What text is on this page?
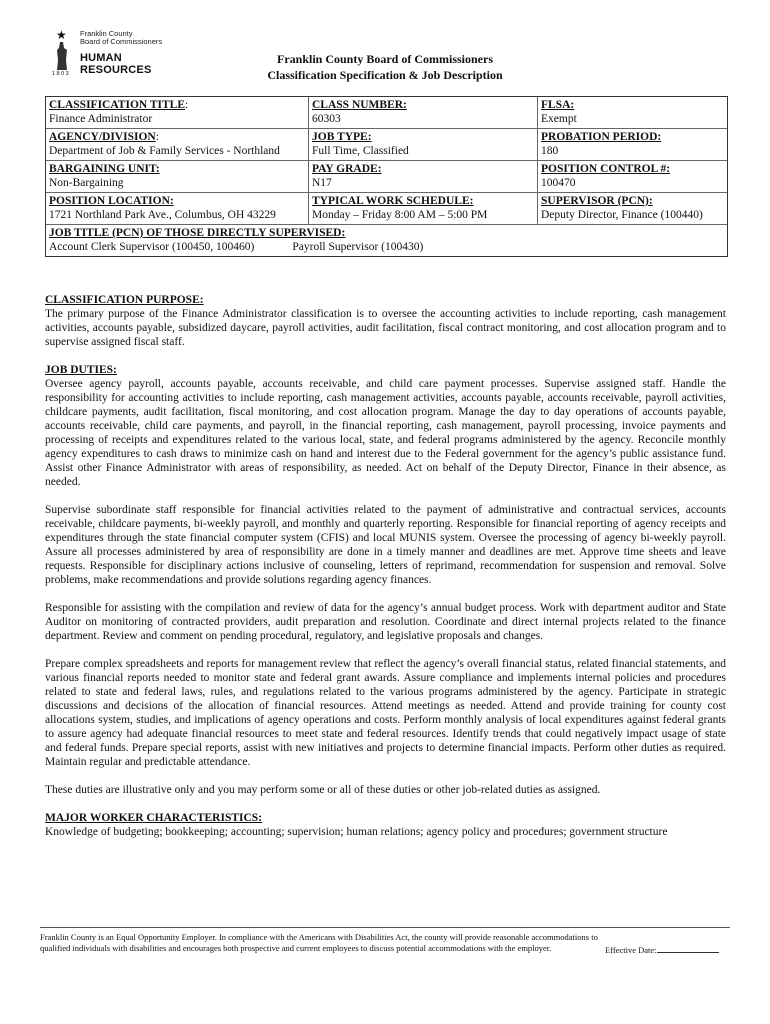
★ Franklin County
Board of Commissioners
HUMAN RESOURCES
1803
Franklin County Board of Commissioners
Classification Specification & Job Description
CLASSIFICATION TITLE:
Finance Administrator
CLASS NUMBER:
60303
FLSA:
Exempt
AGENCY/DIVISION:
Department of Job & Family Services - Northland
JOB TYPE:
Full Time, Classified
PROBATION PERIOD:
180
BARGAINING UNIT:
Non-Bargaining
PAY GRADE:
N17
POSITION CONTROL #:
100470
POSITION LOCATION:
1721 Northland Park Ave., Columbus, OH 43229
TYPICAL WORK SCHEDULE:
Monday – Friday 8:00 AM – 5:00 PM
SUPERVISOR (PCN):
Deputy Director, Finance (100440)
JOB TITLE (PCN) OF THOSE DIRECTLY SUPERVISED:
Account Clerk Supervisor (100450, 100460)	Payroll Supervisor (100430)
CLASSIFICATION PURPOSE:

The primary purpose of the Finance Administrator classification is to oversee the accounting activities to include reporting, cash management activities, accounts payable, subsidized daycare, payroll activities, audit facilitation, fiscal contract monitoring, and cost allocation program and to supervise assigned fiscal staff.

JOB DUTIES:

Oversee agency payroll, accounts payable, accounts receivable, and child care payment processes. Supervise assigned staff. Handle the responsibility for accounting activities to include reporting, cash management activities, accounts payable, accounts receivable, payroll activities, childcare payments, audit facilitation, fiscal monitoring, and cost allocation program. Manage the day to day operations of accounts payable, accounts receivable, child care payments, and payroll, in the financial reporting, cash management, payroll processing, invoice payments and processing of receipts and expenditures related to the various local, state, and federal programs administered by the agency. Reconcile monthly agency expenditures to cash draws to minimize cash on hand and interest due to the Federal government for the agency’s public assistance fund. Assist other Finance Administrator with areas of responsibility, as needed. Act on behalf of the Deputy Director, Finance in their absence, as needed.

Supervise subordinate staff responsible for financial activities related to the payment of administrative and contractual services, accounts receivable, childcare payments, bi-weekly payroll, and monthly and quarterly reporting. Responsible for financial reporting of agency receipts and expenditures through the state financial computer system (CFIS) and local MUNIS system. Oversee the processing of agency bi-weekly payroll. Assure all processes administered by area of responsibility are done in a timely manner and deadlines are met. Approve time sheets and leave requests. Responsible for disciplinary actions inclusive of counseling, letters of reprimand, recommendation for suspension and removal. Solve problems, make recommendations and provide solutions regarding agency finances.

Responsible for assisting with the compilation and review of data for the agency’s annual budget process. Work with department auditor and State Auditor on monitoring of contracted providers, audit preparation and resolution. Coordinate and direct internal projects related to the finance department. Review and comment on pending procedural, regulatory, and legislative proposals and changes.

Prepare complex spreadsheets and reports for management review that reflect the agency’s overall financial status, related financial statements, and various financial reports needed to monitor state and federal grant awards. Assure compliance and implements internal policies and procedures related to state and federal laws, rules, and regulations related to the various programs administered by the agency. Participate in strategic discussions and decisions of the allocation of financial resources. Attend meetings as needed. Attend and provide training for county cost allocations system, studies, and implications of agency operations and costs. Perform monthly analysis of local expenditures against federal grants to assure agency had adequate financial resources to meet state and federal resources. Identify trends that could negatively impact usage of state and federal funds. Prepare special reports, assist with new initiatives and projects to determine financial impacts. Perform other duties as required. Maintain regular and predictable attendance.

These duties are illustrative only and you may perform some or all of these duties or other job-related duties as assigned.

MAJOR WORKER CHARACTERISTICS:

Knowledge of budgeting; bookkeeping; accounting; supervision; human relations; agency policy and procedures; government structure

Franklin County is an Equal Opportunity Employer. In compliance with the Americans with Disabilities Act, the county will provide reasonable accommodations to qualified individuals with disabilities and encourages both prospective and current employees to discuss potential accommodations with the employer.	Effective Date:
